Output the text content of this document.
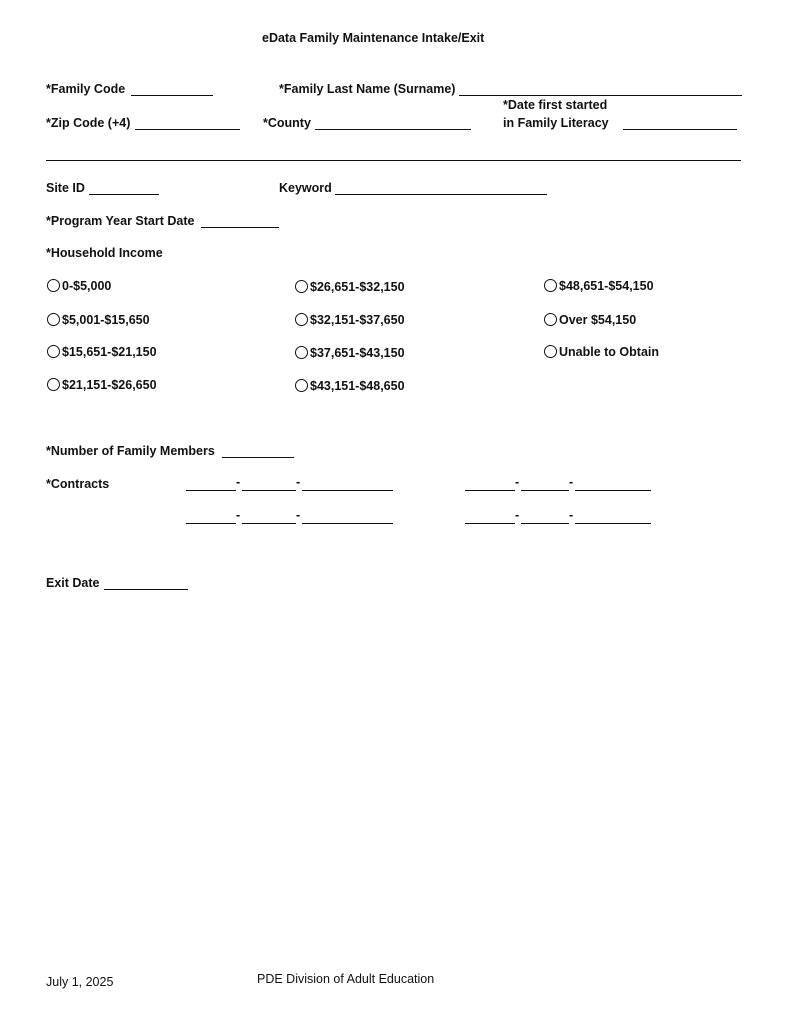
eData Family Maintenance Intake/Exit
*Family Code	*Family Last Name (Surname)
*Date first started
in Family Literacy
*Zip Code (+4)	*County
Site ID	Keyword
*Program Year Start Date
*Household Income
0-$5,000
$5,001-$15,650
$15,651-$21,150
$21,151-$26,650
$26,651-$32,150
$32,151-$37,650
$37,651-$43,150
$43,151-$48,650
$48,651-$54,150
Over $54,150
Unable to Obtain
*Number of Family Members
*Contracts	-	-	-	-
-	-	-	-
Exit Date
July 1, 2025	PDE Division of Adult Education
